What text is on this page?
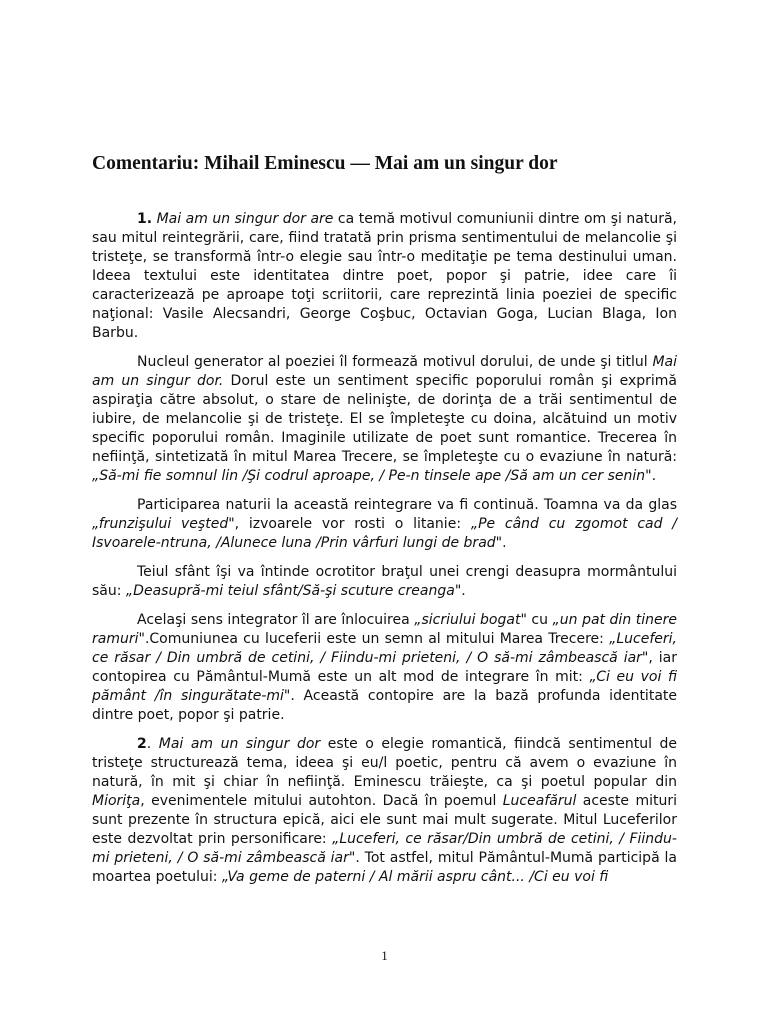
Comentariu: Mihail Eminescu — Mai am un singur dor

1. Mai am un singur dor are ca temă motivul comuniunii dintre om şi natură, sau mitul reintegrării, care, fiind tratată prin prisma sentimentului de melancolie şi tristeţe, se transformă într-o elegie sau într-o meditaţie pe tema destinului uman. Ideea textului este identitatea dintre poet, popor şi patrie, idee care îi caracterizează pe aproape toţi scriitorii, care reprezintă linia poeziei de specific naţional: Vasile Alecsandri, George Coşbuc, Octavian Goga, Lucian Blaga, Ion Barbu.

Nucleul generator al poeziei îl formează motivul dorului, de unde şi titlul Mai am un singur dor. Dorul este un sentiment specific poporului român şi exprimă aspiraţia către absolut, o stare de nelinişte, de dorinţa de a trăi sentimentul de iubire, de melancolie şi de tristeţe. El se împleteşte cu doina, alcătuind un motiv specific poporului român. Imaginile utilizate de poet sunt romantice. Trecerea în nefiinţă, sintetizată în mitul Marea Trecere, se împleteşte cu o evaziune în natură: „Să-mi fie somnul lin /Şi codrul aproape, / Pe-n tinsele ape /Să am un cer senin".

Participarea naturii la această reintegrare va fi continuă. Toamna va da glas „frunzişului veşted", izvoarele vor rosti o litanie: „Pe când cu zgomot cad / Isvoarele-ntruna, /Alunece luna /Prin vârfuri lungi de brad".

Teiul sfânt îşi va întinde ocrotitor braţul unei crengi deasupra mormântului său: „Deasupră-mi teiul sfânt/Să-şi scuture creanga".

Acelaşi sens integrator îl are înlocuirea „sicriului bogat" cu „un pat din tinere ramuri".Comuniunea cu luceferii este un semn al mitului Marea Trecere: „Luceferi, ce răsar / Din umbră de cetini, / Fiindu-mi prieteni, / O să-mi zâmbească iar", iar contopirea cu Pământul-Mumă este un alt mod de integrare în mit: „Ci eu voi fi pământ /în singurătate-mi". Această contopire are la bază profunda identitate dintre poet, popor şi patrie.

2. Mai am un singur dor este o elegie romantică, fiindcă sentimentul de tristeţe structurează tema, ideea şi eu/l poetic, pentru că avem o evaziune în natură, în mit şi chiar în nefiinţă. Eminescu trăieşte, ca şi poetul popular din Mioriţa, evenimentele mitului autohton. Dacă în poemul Luceafărul aceste mituri sunt prezente în structura epică, aici ele sunt mai mult sugerate. Mitul Luceferilor este dezvoltat prin personificare: „Luceferi, ce răsar/Din umbră de cetini, / Fiindu-mi prieteni, / O să-mi zâmbească iar". Tot astfel, mitul Pământul-Mumă participă la moartea poetului: „Va geme de paterni / Al mării aspru cânt... /Ci eu voi fi

1
